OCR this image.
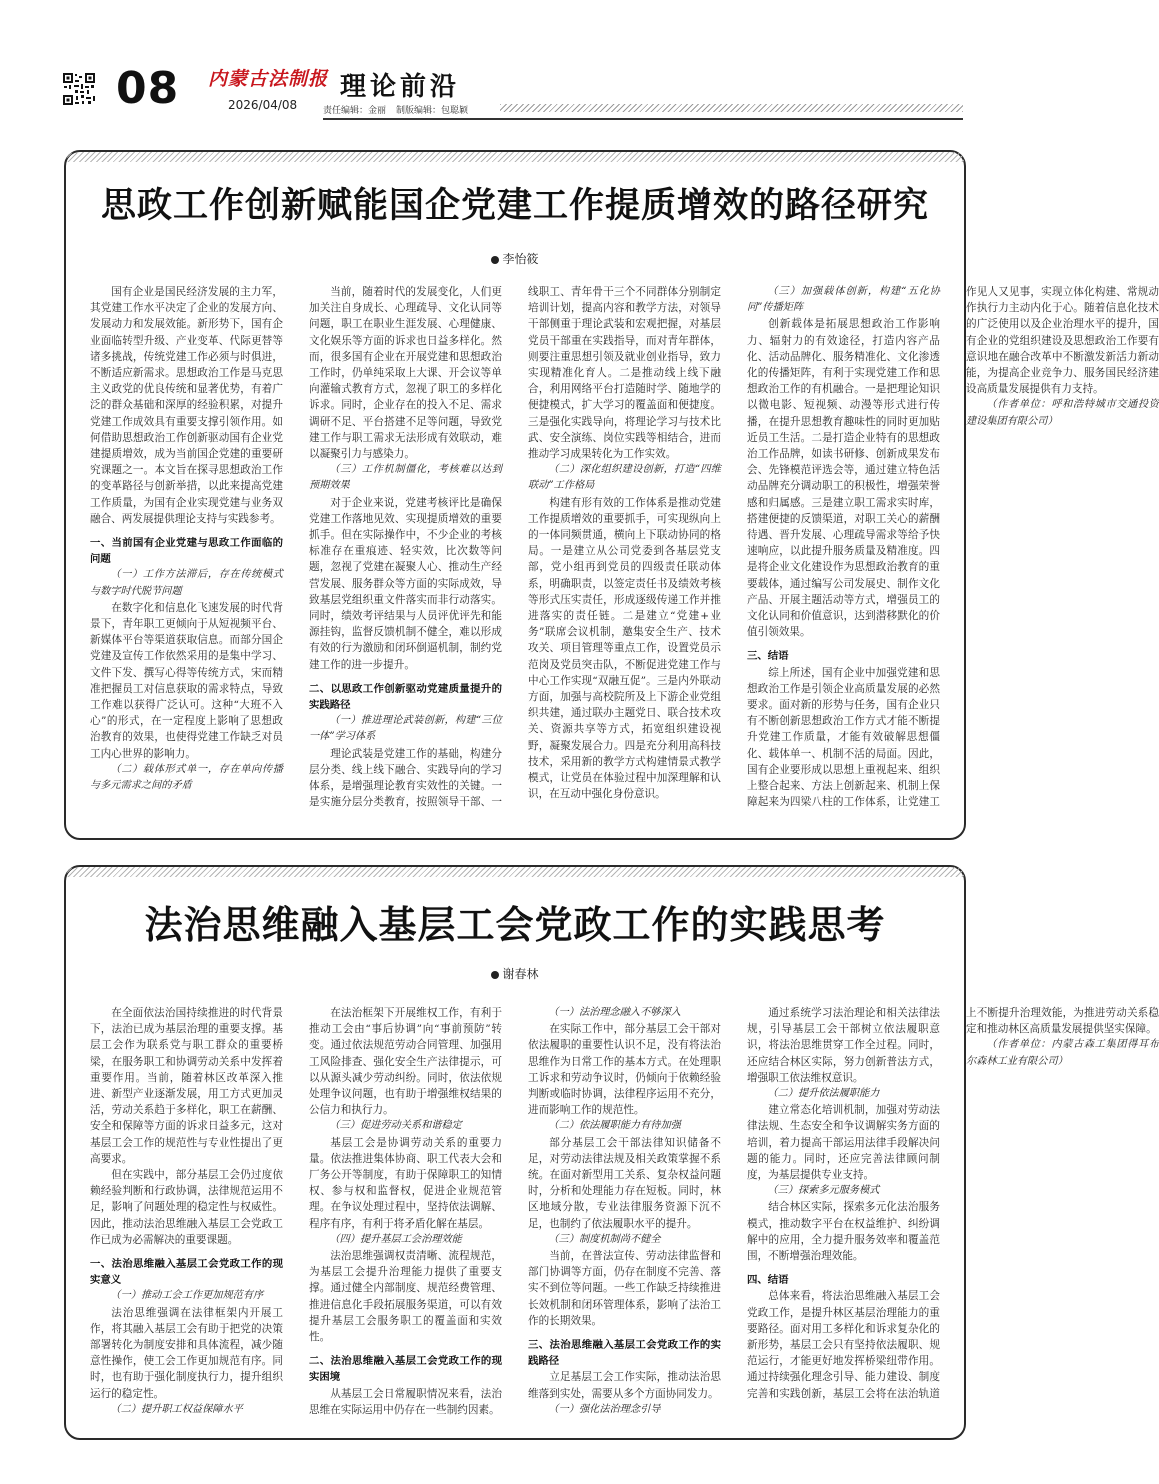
08 内蒙古法制报
2026/04/08
理论前沿
责任编辑：金丽 制版编辑：包聪颖
思政工作创新赋能国企党建工作提质增效的路径研究
李怡筱

国有企业是国民经济发展的主力军，其党建工作水平决定了企业的发展方向、发展动力和发展效能。新形势下，国有企业面临转型升级、产业变革、代际更替等诸多挑战，传统党建工作必须与时俱进，不断适应新需求。思想政治工作是马克思主义政党的优良传统和显著优势，有着广泛的群众基础和深厚的经验积累，对提升党建工作成效具有重要支撑引领作用。如何借助思想政治工作创新驱动国有企业党建提质增效，成为当前国企党建的重要研究课题之一。本文旨在探寻思想政治工作的变革路径与创新举措，以此来提高党建工作质量，为国有企业实现党建与业务双融合、两发展提供理论支持与实践参考。

一、当前国有企业党建与思政工作面临的问题
（一）工作方法滞后，存在传统模式与数字时代脱节问题

在数字化和信息化飞速发展的时代背景下，青年职工更倾向于从短视频平台、新媒体平台等渠道获取信息。而部分国企党建及宣传工作依然采用的是集中学习、文件下发、撰写心得等传统方式，宋而精准把握员工对信息获取的需求特点，导致工作难以获得广泛认可。这种“大班不入心”的形式，在一定程度上影响了思想政治教育的效果，也使得党建工作缺乏对员工内心世界的影响力。

（二）载体形式单一，存在单向传播与多元需求之间的矛盾

当前，随着时代的发展变化，人们更加关注自身成长、心理疏导、文化认同等问题，职工在职业生涯发展、心理健康、文化娱乐等方面的诉求也日益多样化。然而，很多国有企业在开展党建和思想政治工作时，仍单纯采取上大课、开会议等单向灌输式教育方式，忽视了职工的多样化诉求。同时，企业存在的投入不足、需求调研不足、平台搭建不足等问题，导致党建工作与职工需求无法形成有效联动，难以凝聚引力与感染力。

（三）工作机制僵化，考核难以达到预期效果

对于企业来说，党建考核评比是确保党建工作落地见效、实现提质增效的重要抓手。但在实际操作中，不少企业的考核标准存在重痕迹、轻实效，比次数等问题，忽视了党建在凝聚人心、推动生产经营发展、服务群众等方面的实际成效，导致基层党组织重文件落实而非行动落实。同时，绩效考评结果与人员评优评先和能源挂钩，监督反馈机制不健全，难以形成有效的行为激励和闭环倒逼机制，制约党建工作的进一步提升。

二、以思政工作创新驱动党建质量提升的实践路径
（一）推进理论武装创新，构建“三位一体”学习体系

理论武装是党建工作的基础，构建分层分类、线上线下融合、实践导向的学习体系，是增强理论教育实效性的关键。一是实施分层分类教育，按照领导干部、一线职工、青年骨干三个不同群体分别制定培训计划，提高内容和教学方法，对领导干部侧重于理论武装和宏观把握，对基层党员干部重在实践指导，而对青年群体，则要注重思想引领及就业创业指导，致力实现精准化育人。二是推动线上线下融合，利用网络平台打造随时学、随地学的便捷模式，扩大学习的覆盖面和便捷度。三是强化实践导向，将理论学习与技术比武、安全演练、岗位实践等相结合，进而推动学习成果转化为工作实效。

（二）深化组织建设创新，打造“四维联动”工作格局

构建有形有效的工作体系是推动党建工作提质增效的重要抓手，可实现纵向上的一体同频贯通，横向上下联动协同的格局。一是建立从公司党委到各基层党支部，党小组再到党员的四级责任联动体系，明确职责，以签定责任书及绩效考核等形式压实责任，形成逐级传递工作并推进落实的责任链。二是建立“党建+业务”联席会议机制，邀集安全生产、技术攻关、项目管理等重点工作，设置党员示范岗及党员突击队，不断促进党建工作与中心工作实现“双融互促”。三是内外联动方面，加强与高校院所及上下游企业党组织共建，通过联办主题党日、联合技术攻关、资源共享等方式，拓宽组织建设视野，凝聚发展合力。四是充分利用高科技技术，采用新的教学方式构建情景式教学模式，让党员在体验过程中加深理解和认识，在互动中强化身份意识。

（三）加强载体创新，构建“五化协同”传播矩阵

创新载体是拓展思想政治工作影响力、辐射力的有效途径，打造内容产品化、活动品牌化、服务精准化、文化渗透化的传播矩阵，有利于实现党建工作和思想政治工作的有机融合。一是把理论知识以微电影、短视频、动漫等形式进行传播，在提升思想教育趣味性的同时更加贴近员工生活。二是打造企业特有的思想政治工作品牌，如读书研修、创新成果发布会、先锋模范评选会等，通过建立特色活动品牌充分调动职工的积极性，增强荣誉感和归属感。三是建立职工需求实时库，搭建便捷的反馈渠道，对职工关心的薪酬待遇、晋升发展、心理疏导需求等给予快速响应，以此提升服务质量及精准度。四是将企业文化建设作为思想政治教育的重要载体，通过编写公司发展史、制作文化产品、开展主题活动等方式，增强员工的文化认同和价值意识，达到潜移默化的价值引领效果。

三、结语

综上所述，国有企业中加强党建和思想政治工作是引领企业高质量发展的必然要求。面对新的形势与任务，国有企业只有不断创新思想政治工作方式才能不断提升党建工作质量，才能有效破解思想僵化、载体单一、机制不活的局面。因此，国有企业要形成以思想上重视起来、组织上整合起来、方法上创新起来、机制上保障起来为四梁八柱的工作体系，让党建工作见人又见事，实现立体化构建、常规动作执行力主动内化于心。随着信息化技术的广泛使用以及企业治理水平的提升，国有企业的党组织建设及思想政治工作要有意识地在融合改革中不断激发新活力新动能，为提高企业竞争力、服务国民经济建设高质量发展提供有力支持。

（作者单位：呼和浩特城市交通投资建设集团有限公司）

法治思维融入基层工会党政工作的实践思考
谢春林

在全面依法治国持续推进的时代背景下，法治已成为基层治理的重要支撑。基层工会作为联系党与职工群众的重要桥梁，在服务职工和协调劳动关系中发挥着重要作用。当前，随着林区改革深入推进、新型产业逐渐发展，用工方式更加灵活，劳动关系趋于多样化，职工在薪酬、安全和保障等方面的诉求日益多元，这对基层工会工作的规范性与专业性提出了更高要求。

但在实践中，部分基层工会仍过度依赖经验判断和行政协调，法律规范运用不足，影响了问题处理的稳定性与权威性。因此，推动法治思维融入基层工会党政工作已成为必需解决的重要课题。

一、法治思维融入基层工会党政工作的现实意义
（一）推动工会工作更加规范有序

法治思维强调在法律框架内开展工作，将其融入基层工会有助于把党的决策部署转化为制度安排和具体流程，减少随意性操作，使工会工作更加规范有序。同时，也有助于强化制度执行力，提升组织运行的稳定性。

（二）提升职工权益保障水平

在法治框架下开展维权工作，有利于推动工会由“事后协调”向“事前预防”转变。通过依法规范劳动合同管理、加强用工风险排查、强化安全生产法律提示，可以从源头减少劳动纠纷。同时，依法依规处理争议问题，也有助于增强维权结果的公信力和执行力。

（三）促进劳动关系和谐稳定

基层工会是协调劳动关系的重要力量。依法推进集体协商、职工代表大会和厂务公开等制度，有助于保障职工的知情权、参与权和监督权，促进企业规范管理。在争议处理过程中，坚持依法调解、程序有序，有利于将矛盾化解在基层。

（四）提升基层工会治理效能

法治思维强调权责清晰、流程规范，为基层工会提升治理能力提供了重要支撑。通过健全内部制度、规范经费管理、推进信息化手段拓展服务渠道，可以有效提升基层工会服务职工的覆盖面和实效性。

二、法治思维融入基层工会党政工作的现实困境

从基层工会日常履职情况来看，法治思维在实际运用中仍存在一些制约因素。

（一）法治理念融入不够深入

在实际工作中，部分基层工会干部对依法履职的重要性认识不足，没有将法治思维作为日常工作的基本方式。在处理职工诉求和劳动争议时，仍倾向于依赖经验判断或临时协调，法律程序运用不充分，进而影响工作的规范性。

（二）依法履职能力有待加强

部分基层工会干部法律知识储备不足，对劳动法律法规及相关政策掌握不系统。在面对新型用工关系、复杂权益问题时，分析和处理能力存在短板。同时，林区地域分散，专业法律服务资源下沉不足，也制约了依法履职水平的提升。

（三）制度机制尚不健全

当前，在普法宣传、劳动法律监督和部门协调等方面，仍存在制度不完善、落实不到位等问题。一些工作缺乏持续推进长效机制和闭环管理体系，影响了法治工作的长期效果。

三、法治思维融入基层工会党政工作的实践路径

立足基层工会工作实际，推动法治思维落到实处，需要从多个方面协同发力。

（一）强化法治理念引导

通过系统学习法治理论和相关法律法规，引导基层工会干部树立依法履职意识，将法治思维贯穿工作全过程。同时，还应结合林区实际，努力创新普法方式，增强职工依法维权意识。

（二）提升依法履职能力

建立常态化培训机制，加强对劳动法律法规、生态安全和争议调解实务方面的培训，着力提高干部运用法律手段解决问题的能力。同时，还应完善法律顾问制度，为基层提供专业支持。

（三）探索多元服务模式

结合林区实际，探索多元化法治服务模式，推动数字平台在权益维护、纠纷调解中的应用，全力提升服务效率和覆盖范围，不断增强治理效能。

四、结语

总体来看，将法治思维融入基层工会党政工作，是提升林区基层治理能力的重要路径。面对用工多样化和诉求复杂化的新形势，基层工会只有坚持依法履职、规范运行，才能更好地发挥桥梁纽带作用。通过持续强化理念引导、能力建设、制度完善和实践创新，基层工会将在法治轨道上不断提升治理效能，为推进劳动关系稳定和推动林区高质量发展提供坚实保障。

（作者单位：内蒙古森工集团得耳布尔森林工业有限公司）
